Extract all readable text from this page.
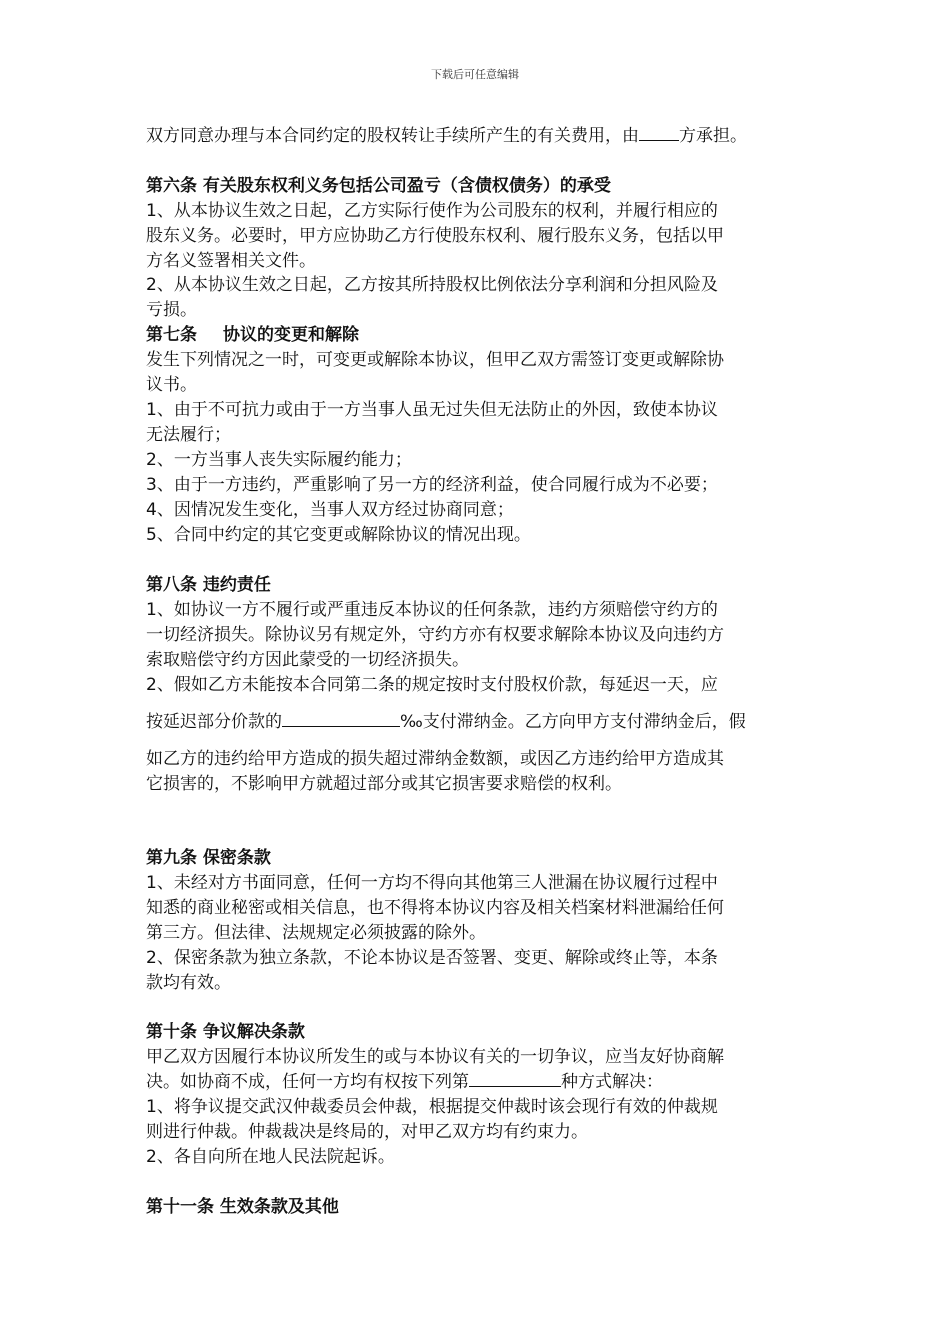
下载后可任意编辑
双方同意办理与本合同约定的股权转让手续所产生的有关费用，由 方承担。
第六条 有关股东权利义务包括公司盈亏（含债权债务）的承受
1、从本协议生效之日起，乙方实际行使作为公司股东的权利，并履行相应的
股东义务。必要时，甲方应协助乙方行使股东权利、履行股东义务，包括以甲
方名义签署相关文件。
2、从本协议生效之日起，乙方按其所持股权比例依法分享利润和分担风险及
亏损。
第七条 协议的变更和解除
发生下列情况之一时，可变更或解除本协议，但甲乙双方需签订变更或解除协
议书。
1、由于不可抗力或由于一方当事人虽无过失但无法防止的外因，致使本协议
无法履行；
2、一方当事人丧失实际履约能力；
3、由于一方违约，严重影响了另一方的经济利益，使合同履行成为不必要；
4、因情况发生变化，当事人双方经过协商同意；
5、合同中约定的其它变更或解除协议的情况出现。
第八条 违约责任
1、如协议一方不履行或严重违反本协议的任何条款，违约方须赔偿守约方的
一切经济损失。除协议另有规定外，守约方亦有权要求解除本协议及向违约方
索取赔偿守约方因此蒙受的一切经济损失。
2、假如乙方未能按本合同第二条的规定按时支付股权价款，每延迟一天，应
按延迟部分价款的	‰支付滞纳金。乙方向甲方支付滞纳金后，假
如乙方的违约给甲方造成的损失超过滞纳金数额，或因乙方违约给甲方造成其
它损害的，不影响甲方就超过部分或其它损害要求赔偿的权利。
第九条 保密条款
1、未经对方书面同意，任何一方均不得向其他第三人泄漏在协议履行过程中
知悉的商业秘密或相关信息，也不得将本协议内容及相关档案材料泄漏给任何
第三方。但法律、法规规定必须披露的除外。
2、保密条款为独立条款，不论本协议是否签署、变更、解除或终止等，本条
款均有效。
第十条 争议解决条款
甲乙双方因履行本协议所发生的或与本协议有关的一切争议，应当友好协商解
决。如协商不成，任何一方均有权按下列第	种方式解决：
1、将争议提交武汉仲裁委员会仲裁，根据提交仲裁时该会现行有效的仲裁规
则进行仲裁。仲裁裁决是终局的，对甲乙双方均有约束力。
2、各自向所在地人民法院起诉。
第十一条 生效条款及其他
